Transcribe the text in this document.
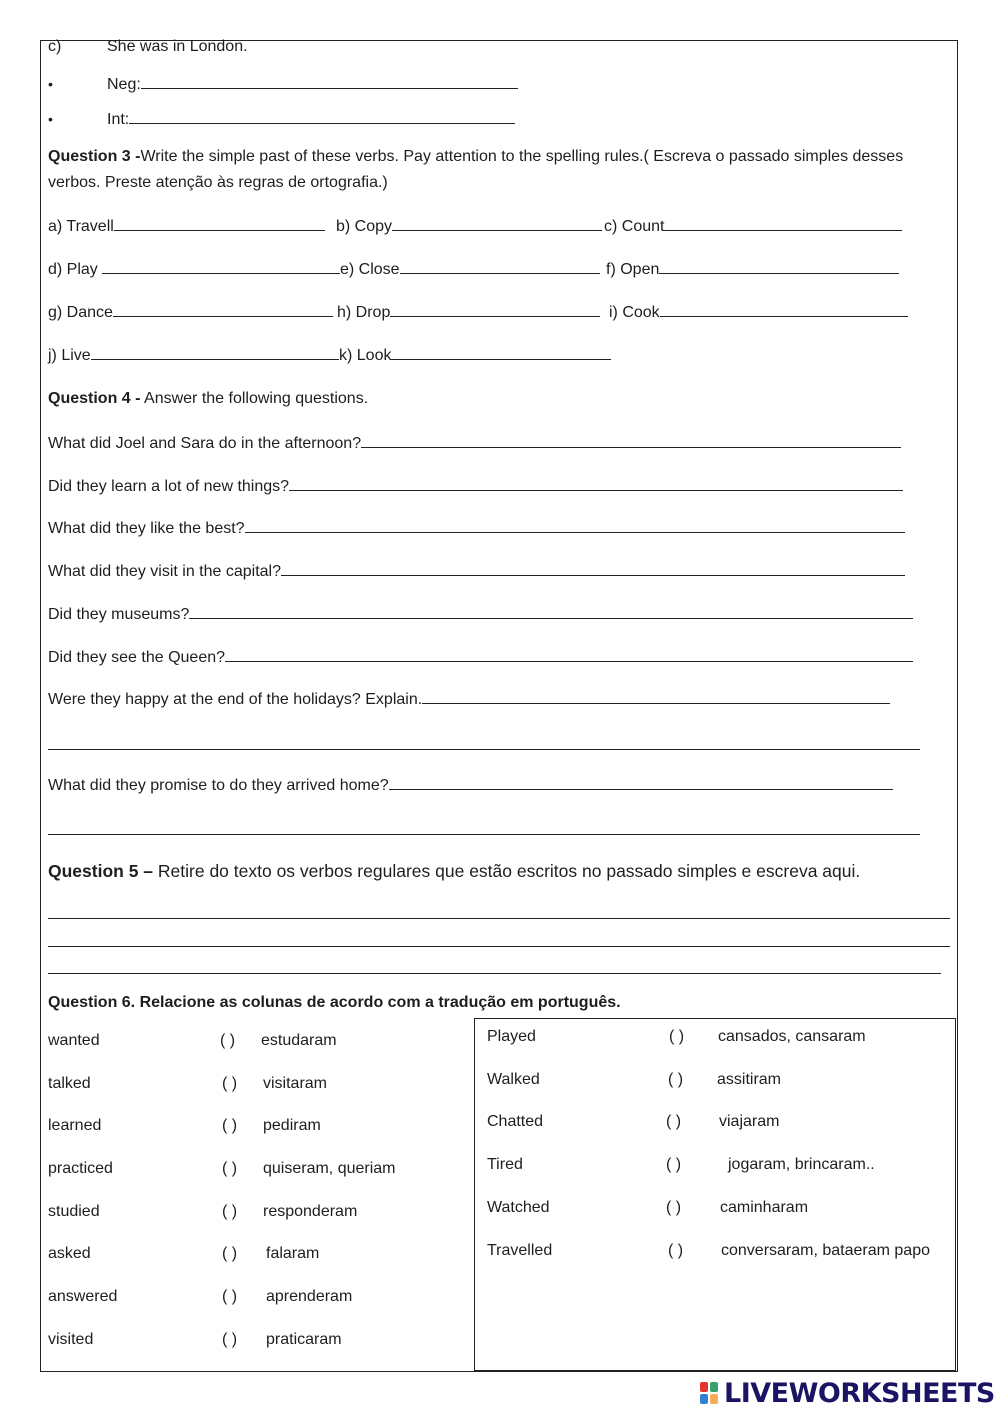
c)	She was in London.
•	Neg:
•	Int:
Question 3 -Write the simple past of these verbs. Pay attention to the spelling rules.( Escreva o passado simples desses
verbos. Preste atenção às regras de ortografia.)
a) Travell	b) Copy	c) Count
d) Play	e) Close	f) Open
g) Dance	h) Drop	i) Cook
j) Live	k) Look
Question 4 - Answer the following questions.
What did Joel and Sara do in the afternoon?
Did they learn a lot of new things?
What did they like the best?
What did they visit in the capital?
Did they museums?
Did they see the Queen?
Were they happy at the end of the holidays? Explain.
What did they promise to do they arrived home?
Question 5 – Retire do texto os verbos regulares que estão escritos no passado simples e escreva aqui.
Question 6. Relacione as colunas de acordo com a tradução em português.
wanted	( ) estudaram
talked	( ) visitaram
learned	( ) pediram
practiced	( ) quiseram, queriam
studied	( ) responderam
asked	( ) falaram
answered	( ) aprenderam
visited	( ) praticaram
Played	( ) cansados, cansaram
Walked	( ) assitiram
Chatted	( ) viajaram
Tired	( )	jogaram, brincaram..
Watched	( ) caminharam
Travelled	( ) conversaram, bataeram papo
LIVEWORKSHEETS
